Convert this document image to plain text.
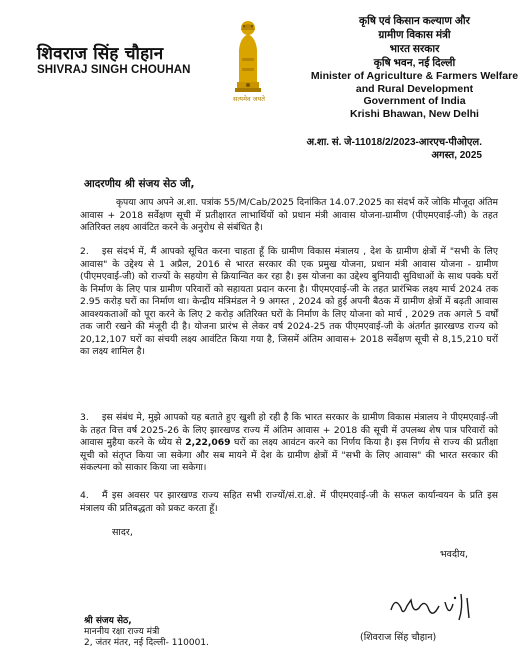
शिवराज सिंह चौहान
SHIVRAJ SINGH CHOUHAN
सत्यमेव जयते
कृषि एवं किसान कल्याण और
ग्रामीण विकास मंत्री
भारत सरकार
कृषि भवन, नई दिल्ली
Minister of Agriculture & Farmers Welfare
and Rural Development
Government of India
Krishi Bhawan, New Delhi
अ.शा. सं. जे-11018/2/2023-आरएच-पीओएल.
अगस्त, 2025
आदरणीय श्री संजय सेठ जी,
कृपया आप अपने अ.शा. पत्रांक 55/M/Cab/2025 दिनांकित 14.07.2025 का संदर्भ करें जोकि मौजूदा अंतिम आवास + 2018 सर्वेक्षण सूची में प्रतीक्षारत लाभार्थियों को प्रधान मंत्री आवास योजना-ग्रामीण (पीएमएवाई-जी) के तहत अतिरिक्त लक्ष्य आवंटित करने के अनुरोध से संबंधित है।
2. इस संदर्भ में, मैं आपको सूचित करना चाहता हूँ कि ग्रामीण विकास मंत्रालय , देश के ग्रामीण क्षेत्रों में "सभी के लिए आवास" के उद्देश्य से 1 अप्रैल, 2016 से भारत सरकार की एक प्रमुख योजना, प्रधान मंत्री आवास योजना - ग्रामीण (पीएमएवाई-जी) को राज्यों के सहयोग से क्रियान्वित कर रहा है। इस योजना का उद्देश्य बुनियादी सुविधाओं के साथ पक्के घरों के निर्माण के लिए पात्र ग्रामीण परिवारों को सहायता प्रदान करना है। पीएमएवाई-जी के तहत प्रारंभिक लक्ष्य मार्च 2024 तक 2.95 करोड़ घरों का निर्माण था। केन्द्रीय मंत्रिमंडल ने 9 अगस्त , 2024 को हुई अपनी बैठक में ग्रामीण क्षेत्रों में बढ़ती आवास आवश्यकताओं को पूरा करने के लिए 2 करोड़ अतिरिक्त घरों के निर्माण के लिए योजना को मार्च , 2029 तक अगले 5 वर्षों तक जारी रखने की मंजूरी दी है। योजना प्रारंभ से लेकर वर्ष 2024-25 तक पीएमएवाई-जी के अंतर्गत झारखण्ड राज्य को 20,12,107 घरों का संचयी लक्ष्य आवंटित किया गया है, जिसमें अंतिम आवास+ 2018 सर्वेक्षण सूची से 8,15,210 घरों का लक्ष्य शामिल है।
3. इस संबंध मे, मुझे आपको यह बताते हुए खुशी हो रही है कि भारत सरकार के ग्रामीण विकास मंत्रालय ने पीएमएवाई-जी के तहत वित्त वर्ष 2025-26 के लिए झारखण्ड राज्य में अंतिम आवास + 2018 की सूची में उपलब्ध शेष पात्र परिवारों को आवास मुहैया करने के ध्येय से 2,22,069 घरों का लक्ष्य आवंटन करने का निर्णय किया है। इस निर्णय से राज्य की प्रतीक्षा सूची को संतृप्त किया जा सकेगा और सब मायने में देश के ग्रामीण क्षेत्रों में "सभी के लिए आवास" की भारत सरकार की संकल्पना को साकार किया जा सकेगा।
4. मैं इस अवसर पर झारखण्ड राज्य सहित सभी राज्यों/सं.रा.क्षे. में पीएमएवाई-जी के सफल कार्यान्वयन के प्रति इस मंत्रालय की प्रतिबद्धता को प्रकट करता हूँ।
सादर,
भवदीय,
(शिवराज सिंह चौहान)
श्री संजय सेठ,
माननीय रक्षा राज्य मंत्री
2, जंतर मंतर, नई दिल्ली- 110001.
